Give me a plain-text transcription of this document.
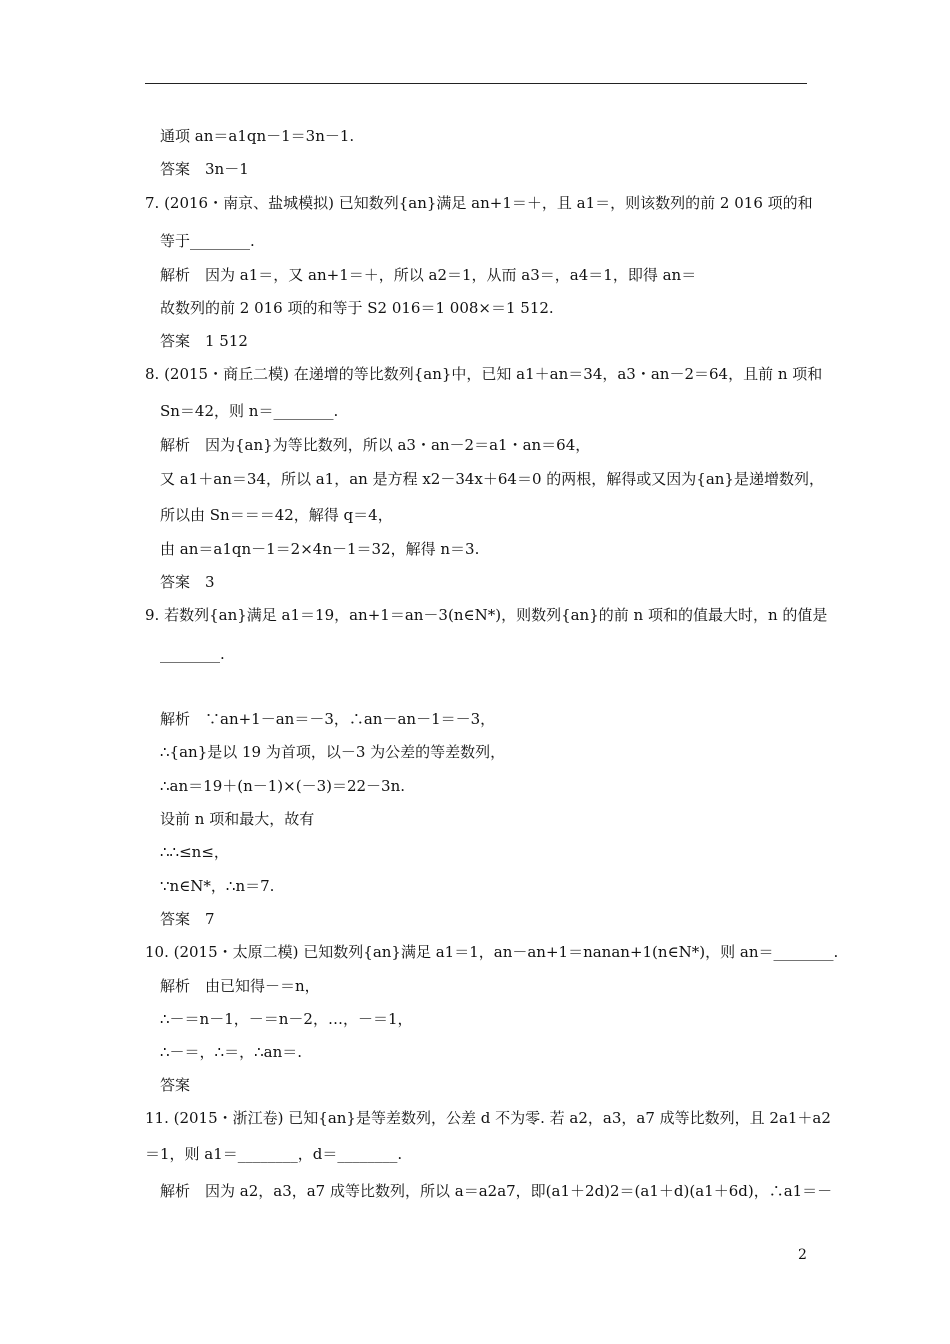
通项 an＝a1qn－1＝3n－1.
答案　3n－1
7. (2016・南京、盐城模拟) 已知数列{an}满足 an+1＝＋，且 a1＝，则该数列的前 2 016 项的和
等于________.
解析　因为 a1＝，又 an+1＝＋，所以 a2＝1，从而 a3＝，a4＝1，即得 an＝
故数列的前 2 016 项的和等于 S2 016＝1 008×＝1 512.
答案　1 512
8. (2015・商丘二模) 在递增的等比数列{an}中，已知 a1＋an＝34，a3・an－2＝64，且前 n 项和
Sn＝42，则 n＝________.
解析　因为{an}为等比数列，所以 a3・an－2＝a1・an＝64，
又 a1＋an＝34，所以 a1，an 是方程 x2－34x＋64＝0 的两根，解得或又因为{an}是递增数列，
所以由 Sn＝＝＝42，解得 q＝4，
由 an＝a1qn－1＝2×4n－1＝32，解得 n＝3.
答案　3
9. 若数列{an}满足 a1＝19，an+1＝an－3(n∈N*)，则数列{an}的前 n 项和的值最大时，n 的值是
________.
解析　∵an+1－an＝－3，∴an－an－1＝－3，
∴{an}是以 19 为首项，以－3 为公差的等差数列，
∴an＝19＋(n－1)×(－3)＝22－3n.
设前 n 项和最大，故有
∴∴≤n≤，
∵n∈N*，∴n＝7.
答案　7
10. (2015・太原二模) 已知数列{an}满足 a1＝1，an－an+1＝nanan+1(n∈N*)，则 an＝________.
解析　由已知得－＝n，
∴－＝n－1，－＝n－2，…，－＝1，
∴－＝，∴＝，∴an＝.
答案
11. (2015・浙江卷) 已知{an}是等差数列，公差 d 不为零. 若 a2，a3，a7 成等比数列，且 2a1＋a2
＝1，则 a1＝________，d＝________.
解析　因为 a2，a3，a7 成等比数列，所以 a＝a2a7，即(a1＋2d)2＝(a1＋d)(a1＋6d)，∴a1＝－
2
